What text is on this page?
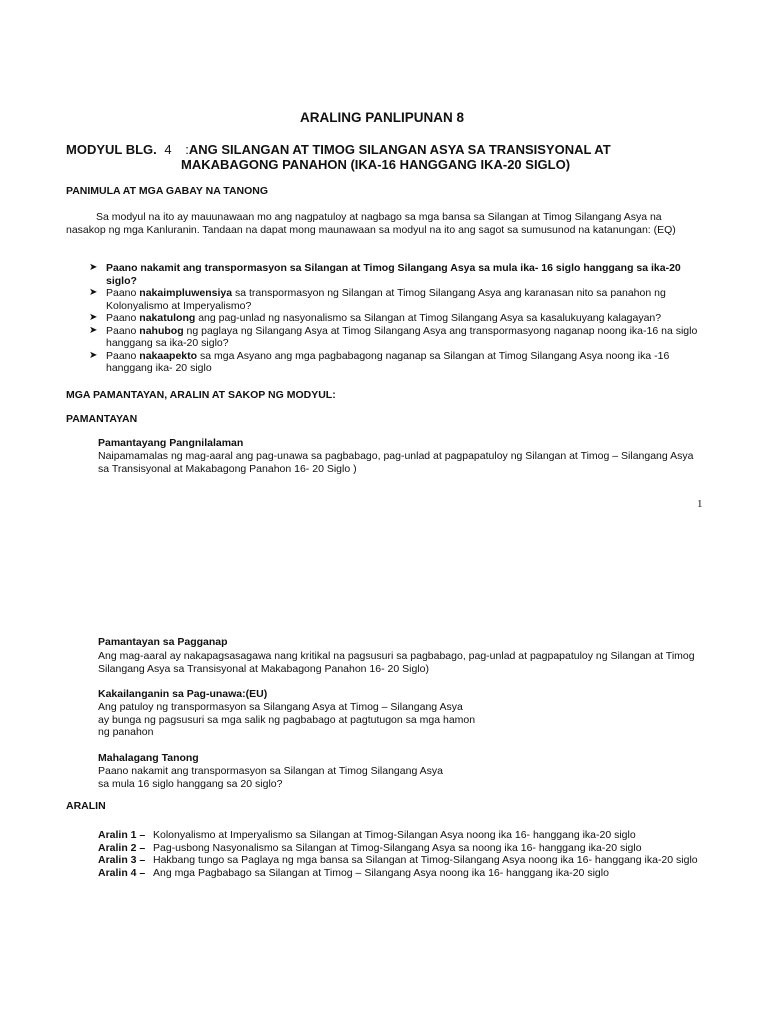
ARALING PANLIPUNAN 8
MODYUL BLG. 4 :ANG SILANGAN AT TIMOG SILANGAN ASYA SA TRANSISYONAL AT
MAKABAGONG PANAHON (IKA-16 HANGGANG IKA-20 SIGLO)
PANIMULA AT MGA GABAY NA TANONG

Sa modyul na ito ay mauunawaan mo ang nagpatuloy at nagbago sa mga bansa sa Silangan at Timog Silangang Asya na nasakop ng mga Kanluranin. Tandaan na dapat mong maunawaan sa modyul na ito ang sagot sa sumusunod na katanungan: (EQ)

➤ Paano nakamit ang transpormasyon sa Silangan at Timog Silangang Asya sa mula ika- 16 siglo hanggang sa ika-20 siglo?
➤ Paano nakaimpluwensiya sa transpormasyon ng Silangan at Timog Silangang Asya ang karanasan nito sa panahon ng Kolonyalismo at Imperyalismo?
➤ Paano nakatulong ang pag-unlad ng nasyonalismo sa Silangan at Timog Silangang Asya sa kasalukuyang kalagayan?
➤ Paano nahubog ng paglaya ng Silangang Asya at Timog Silangang Asya ang transpormasyong naganap noong ika-16 na siglo hanggang sa ika-20 siglo?
➤ Paano nakaapekto sa mga Asyano ang mga pagbabagong naganap sa Silangan at Timog Silangang Asya noong ika -16 hanggang ika- 20 siglo
MGA PAMANTAYAN, ARALIN AT SAKOP NG MODYUL:
PAMANTAYAN
Pamantayang Pangnilalaman

Naipamamalas ng mag-aaral ang pag-unawa sa pagbabago, pag-unlad at pagpapatuloy ng Silangan at Timog – Silangang Asya sa Transisyonal at Makabagong Panahon 16- 20 Siglo )

1
Pamantayan sa Pagganap

Ang mag-aaral ay nakapagsasagawa nang kritikal na pagsusuri sa pagbabago, pag-unlad at pagpapatuloy ng Silangan at Timog Silangang Asya sa Transisyonal at Makabagong Panahon 16- 20 Siglo)

Kakailanganin sa Pag-unawa:(EU)
Ang patuloy ng transpormasyon sa Silangang Asya at Timog – Silangang Asya
ay bunga ng pagsusuri sa mga salik ng pagbabago at pagtutugon sa mga hamon
ng panahon
Mahalagang Tanong
Paano nakamit ang transpormasyon sa Silangan at Timog Silangang Asya
sa mula 16 siglo hanggang sa 20 siglo?
ARALIN
Aralin 1 – Kolonyalismo at Imperyalismo sa Silangan at Timog-Silangan Asya noong ika 16- hanggang ika-20 siglo
Aralin 2 – Pag-usbong Nasyonalismo sa Silangan at Timog-Silangang Asya sa noong ika 16- hanggang ika-20 siglo
Aralin 3 – Hakbang tungo sa Paglaya ng mga bansa sa Silangan at Timog-Silangang Asya noong ika 16- hanggang ika-20 siglo
Aralin 4 – Ang mga Pagbabago sa Silangan at Timog – Silangang Asya noong ika 16- hanggang ika-20 siglo
